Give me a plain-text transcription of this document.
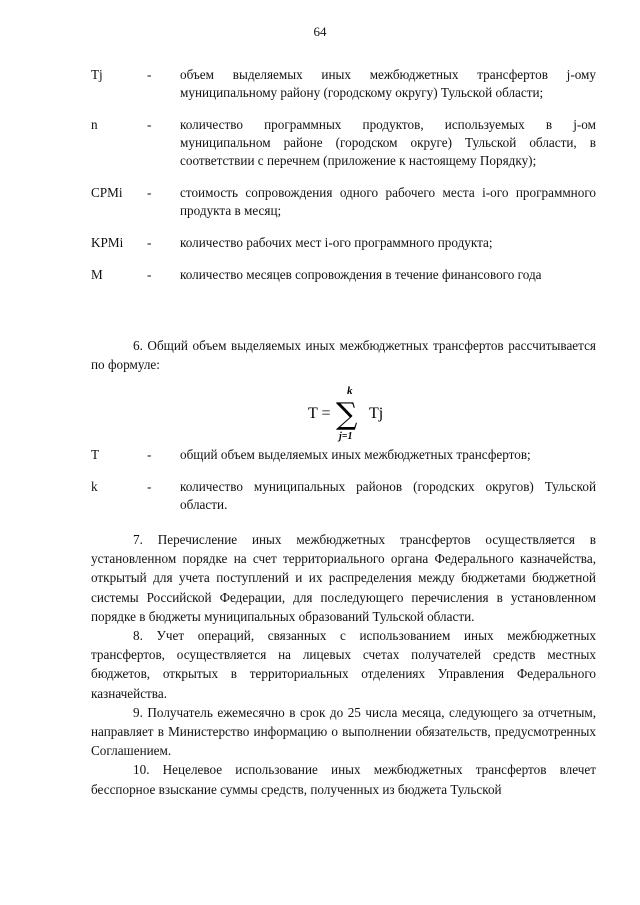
64
Tj	-	объем выделяемых иных межбюджетных трансфертов j-ому муниципальному району (городскому округу) Тульской области;
n	-	количество программных продуктов, используемых в j-ом муниципальном районе (городском округе) Тульской области, в соответствии с перечнем (приложение к настоящему Порядку);
CPMi	-	стоимость сопровождения одного рабочего места i-ого программного продукта в месяц;
KPMi	-	количество рабочих мест i-ого программного продукта;
M	-	количество месяцев сопровождения в течение финансового года

6. Общий объем выделяемых иных межбюджетных трансфертов рассчитывается по формуле:

T =
k
∑
j=1
Tj
T	-	общий объем выделяемых иных межбюджетных трансфертов;
k	-	количество муниципальных районов (городских округов) Тульской области.

7. Перечисление иных межбюджетных трансфертов осуществляется в установленном порядке на счет территориального органа Федерального казначейства, открытый для учета поступлений и их распределения между бюджетами бюджетной системы Российской Федерации, для последующего перечисления в установленном порядке в бюджеты муниципальных образований Тульской области.

8. Учет операций, связанных с использованием иных межбюджетных трансфертов, осуществляется на лицевых счетах получателей средств местных бюджетов, открытых в территориальных отделениях Управления Федерального казначейства.

9. Получатель ежемесячно в срок до 25 числа месяца, следующего за отчетным, направляет в Министерство информацию о выполнении обязательств, предусмотренных Соглашением.

10. Нецелевое использование иных межбюджетных трансфертов влечет бесспорное взыскание суммы средств, полученных из бюджета Тульской
